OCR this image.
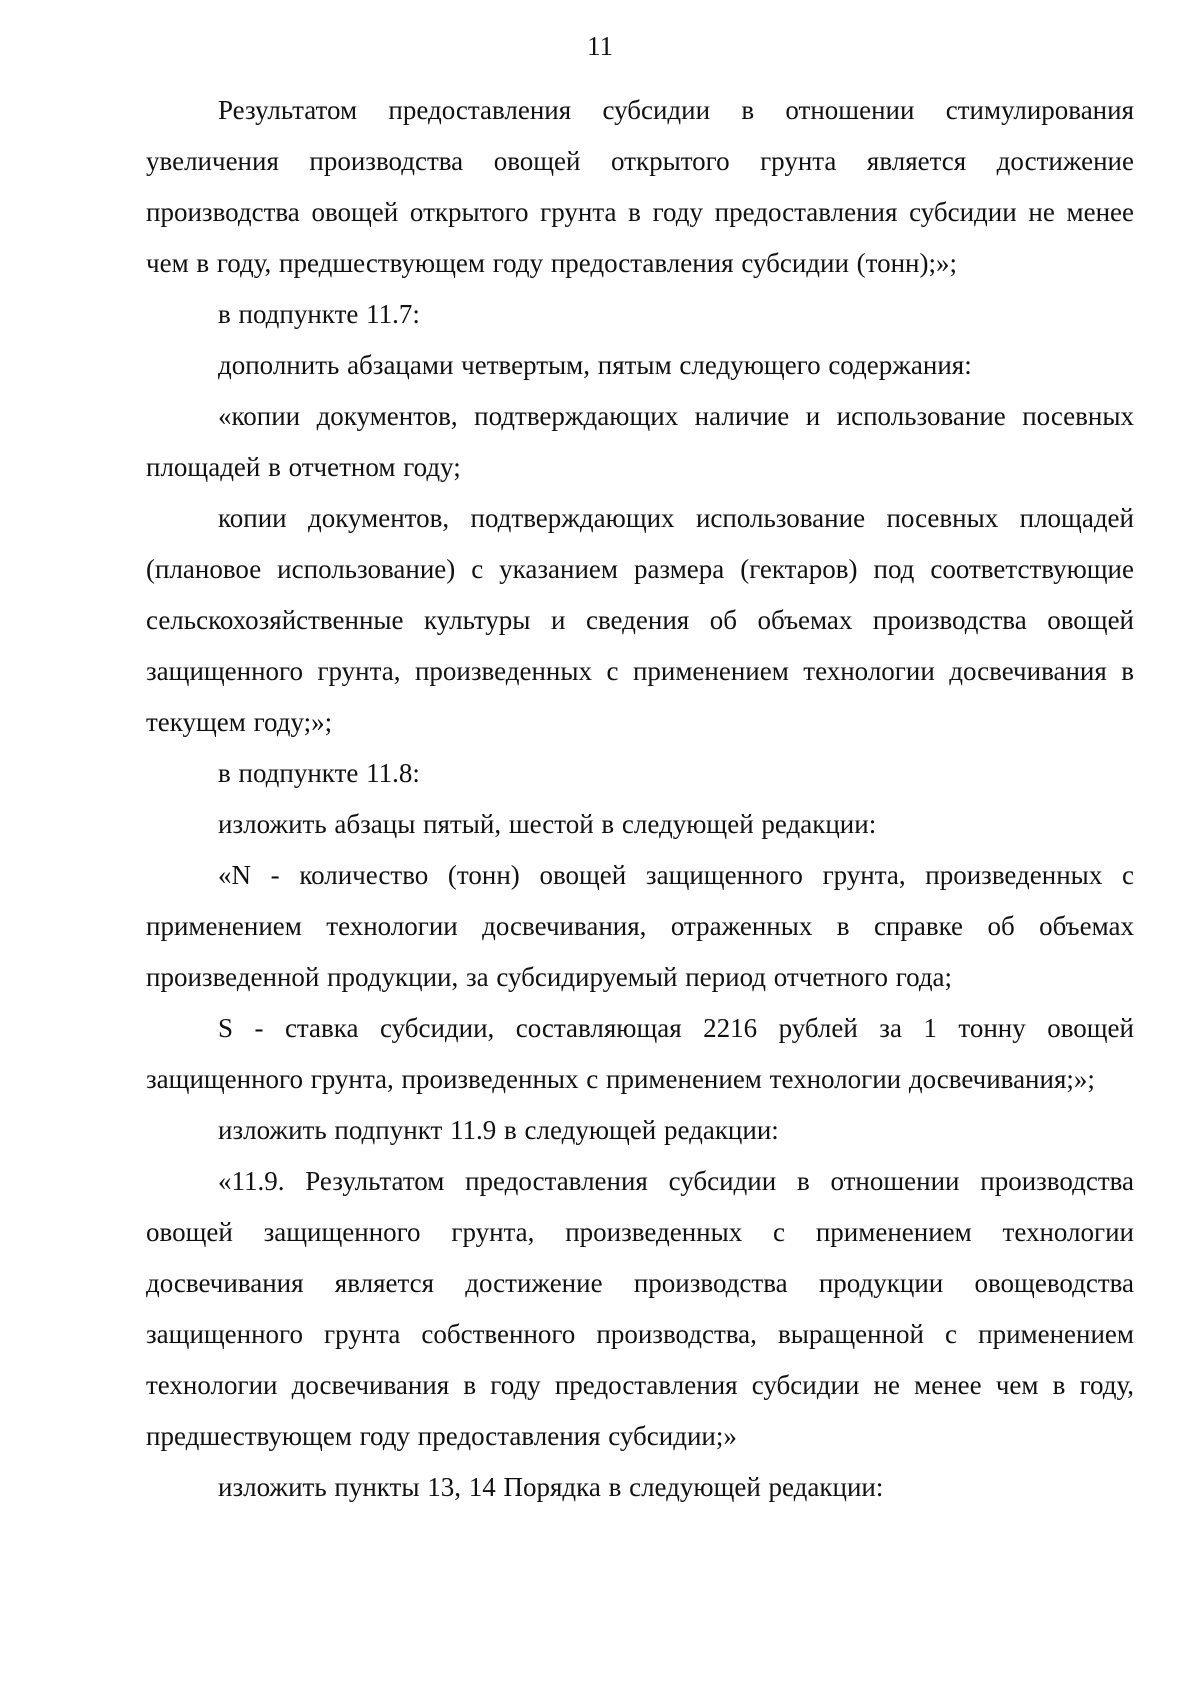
11

Результатом предоставления субсидии в отношении стимулирования увеличения производства овощей открытого грунта является достижение производства овощей открытого грунта в году предоставления субсидии не менее чем в году, предшествующем году предоставления субсидии (тонн);»;

в подпункте 11.7:

дополнить абзацами четвертым, пятым следующего содержания:

«копии документов, подтверждающих наличие и использование посевных площадей в отчетном году;

копии документов, подтверждающих использование посевных площадей (плановое использование) с указанием размера (гектаров) под соответствующие сельскохозяйственные культуры и сведения об объемах производства овощей защищенного грунта, произведенных с применением технологии досвечивания в текущем году;»;

в подпункте 11.8:

изложить абзацы пятый, шестой в следующей редакции:

«N - количество (тонн) овощей защищенного грунта, произведенных с применением технологии досвечивания, отраженных в справке об объемах произведенной продукции, за субсидируемый период отчетного года;

S - ставка субсидии, составляющая 2216 рублей за 1 тонну овощей защищенного грунта, произведенных с применением технологии досвечивания;»;

изложить подпункт 11.9 в следующей редакции:

«11.9. Результатом предоставления субсидии в отношении производства овощей защищенного грунта, произведенных с применением технологии досвечивания является достижение производства продукции овощеводства защищенного грунта собственного производства, выращенной с применением технологии досвечивания в году предоставления субсидии не менее чем в году, предшествующем году предоставления субсидии;»

изложить пункты 13, 14 Порядка в следующей редакции:
